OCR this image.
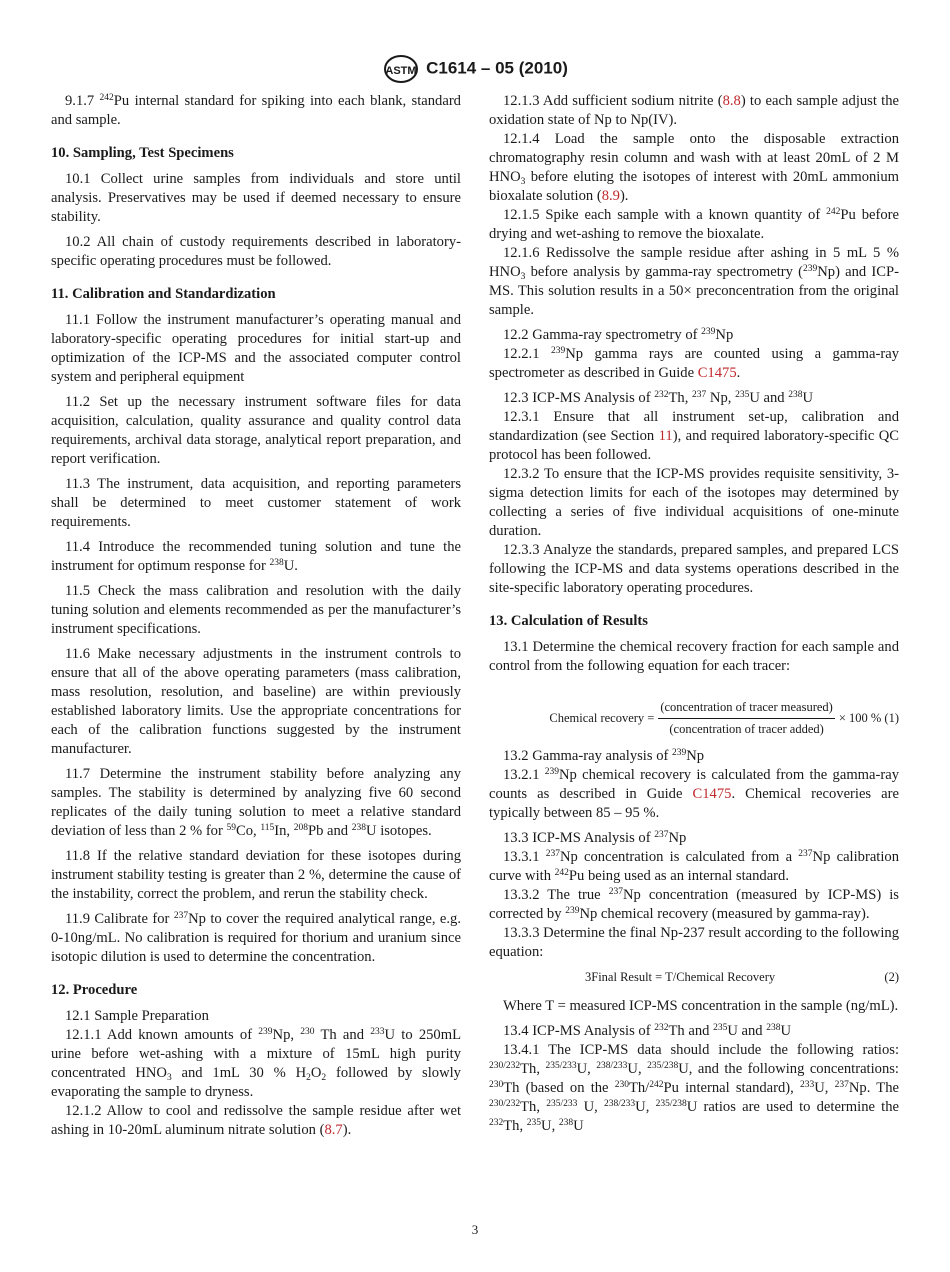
ASTM C1614 – 05 (2010)

9.1.7 $^{242}$Pu internal standard for spiking into each blank, standard and sample.

10. Sampling, Test Specimens

10.1 Collect urine samples from individuals and store until analysis. Preservatives may be used if deemed necessary to ensure stability.

10.2 All chain of custody requirements described in laboratory-specific operating procedures must be followed.

11. Calibration and Standardization

11.1 Follow the instrument manufacturer’s operating manual and laboratory-specific operating procedures for initial start-up and optimization of the ICP-MS and the associated computer control system and peripheral equipment

11.2 Set up the necessary instrument software files for data acquisition, calculation, quality assurance and quality control data requirements, archival data storage, analytical report preparation, and report verification.

11.3 The instrument, data acquisition, and reporting parameters shall be determined to meet customer statement of work requirements.

11.4 Introduce the recommended tuning solution and tune the instrument for optimum response for $^{238}$U.

11.5 Check the mass calibration and resolution with the daily tuning solution and elements recommended as per the manufacturer’s instrument specifications.

11.6 Make necessary adjustments in the instrument controls to ensure that all of the above operating parameters (mass calibration, mass resolution, resolution, and baseline) are within previously established laboratory limits. Use the appropriate concentrations for each of the calibration functions suggested by the instrument manufacturer.

11.7 Determine the instrument stability before analyzing any samples. The stability is determined by analyzing five 60 second replicates of the daily tuning solution to meet a relative standard deviation of less than 2 % for $^{59}$Co, $^{115}$In, $^{208}$Pb and $^{238}$U isotopes.

11.8 If the relative standard deviation for these isotopes during instrument stability testing is greater than 2 %, determine the cause of the instability, correct the problem, and rerun the stability check.

11.9 Calibrate for $^{237}$Np to cover the required analytical range, e.g. 0-10ng/mL. No calibration is required for thorium and uranium since isotopic dilution is used to determine the concentration.

12. Procedure

12.1 Sample Preparation

12.1.1 Add known amounts of $^{239}$Np, $^{230}$ Th and $^{233}$U to 250mL urine before wet-ashing with a mixture of 15mL high purity concentrated $HNO_3$ and 1mL 30 % $H_2O_2$ followed by slowly evaporating the sample to dryness.

12.1.2 Allow to cool and redissolve the sample residue after wet ashing in 10-20mL aluminum nitrate solution (8.7).

12.1.3 Add sufficient sodium nitrite (8.8) to each sample adjust the oxidation state of Np to Np(IV).

12.1.4 Load the sample onto the disposable extraction chromatography resin column and wash with at least 20mL of 2 M $HNO_3$ before eluting the isotopes of interest with 20mL ammonium bioxalate solution (8.9).

12.1.5 Spike each sample with a known quantity of $^{242}$Pu before drying and wet-ashing to remove the bioxalate.

12.1.6 Redissolve the sample residue after ashing in 5 mL 5 % $HNO_3$ before analysis by gamma-ray spectrometry ($^{239}$Np) and ICP-MS. This solution results in a 50× preconcentration from the original sample.

12.2 Gamma-ray spectrometry of $^{239}$Np

12.2.1 $^{239}$Np gamma rays are counted using a gamma-ray spectrometer as described in Guide C1475.

12.3 ICP-MS Analysis of $^{232}$Th, $^{237}$ Np, $^{235}$U and $^{238}$U

12.3.1 Ensure that all instrument set-up, calibration and standardization (see Section 11), and required laboratory-specific QC protocol has been followed.

12.3.2 To ensure that the ICP-MS provides requisite sensitivity, 3-sigma detection limits for each of the isotopes may determined by collecting a series of five individual acquisitions of one-minute duration.

12.3.3 Analyze the standards, prepared samples, and prepared LCS following the ICP-MS and data systems operations described in the site-specific laboratory operating procedures.

13. Calculation of Results

13.1 Determine the chemical recovery fraction for each sample and control from the following equation for each tracer:

Chemical recovery = $\frac{\text{(concentration of tracer measured)}}{\text{(concentration of tracer added)}} \times 100$ %
(1)

13.2 Gamma-ray analysis of $^{239}$Np

13.2.1 $^{239}$Np chemical recovery is calculated from the gamma-ray counts as described in Guide C1475. Chemical recoveries are typically between 85 – 95 %.

13.3 ICP-MS Analysis of $^{237}$Np

13.3.1 $^{237}$Np concentration is calculated from a $^{237}$Np calibration curve with $^{242}$Pu being used as an internal standard.

13.3.2 The true $^{237}$Np concentration (measured by ICP-MS) is corrected by $^{239}$Np chemical recovery (measured by gamma-ray).

13.3.3 Determine the final Np-237 result according to the following equation:

3Final Result = T/Chemical Recovery	(2)

Where T = measured ICP-MS concentration in the sample (ng/mL).

13.4 ICP-MS Analysis of $^{232}$Th and $^{235}$U and $^{238}$U

13.4.1 The ICP-MS data should include the following ratios: $^{230/232}$Th, $^{235/233}$U, $^{238/233}$U, $^{235/238}$U, and the following concentrations: $^{230}$Th (based on the $^{230}$Th/$^{242}$Pu internal standard), $^{233}$U, $^{237}$Np. The $^{230/232}$Th, $^{235/233}$ U, $^{238/233}$U, $^{235/238}$U ratios are used to determine the $^{232}$Th, $^{235}$U, $^{238}$U

3
